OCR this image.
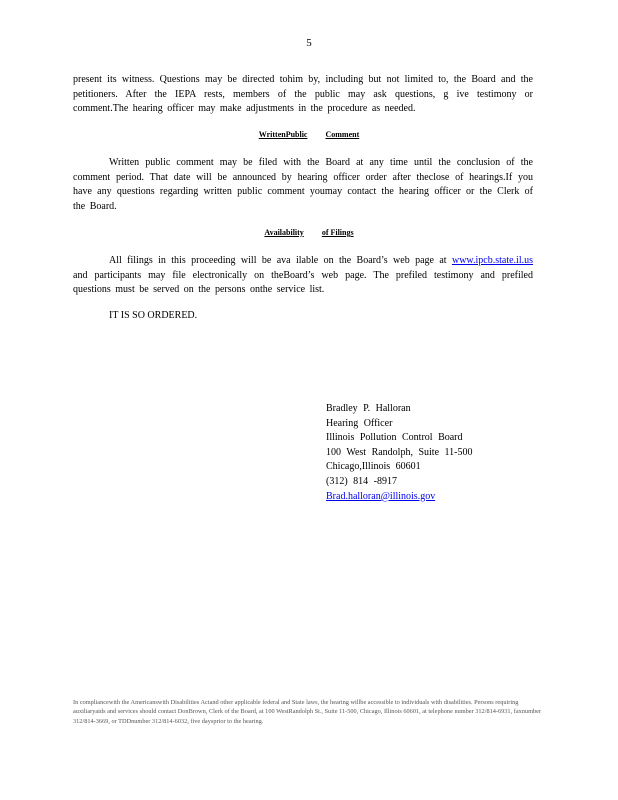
5

present its witness. Questions may be directed tohim by, including but not limited to, the Board and the petitioners. After the IEPA rests, members of the public may ask questions, g ive testimony or comment.The hearing officer may make adjustments in the procedure as needed.

WrittenPublic Comment

Written public comment may be filed with the Board at any time until the conclusion of the comment period. That date will be announced by hearing officer order after theclose of hearings.If you have any questions regarding written public comment youmay contact the hearing officer or the Clerk of the Board.

Availability of Filings

All filings in this proceeding will be ava ilable on the Board’s web page at www.ipcb.state.il.us and participants may file electronically on theBoard’s web page. The prefiled testimony and prefiled questions must be served on the persons onthe service list.

IT IS SO ORDERED.
Bradley P. Halloran
Hearing Officer
Illinois Pollution Control Board
100 West Randolph, Suite 11-500
Chicago,Illinois 60601
(312) 814 -8917
Brad.halloran@illinois.gov
In compliancewith the Americanswith Disabilities Actand other applicable federal and State laws, the hearing willbe accessible to individuals with disabilities. Persons requiring auxiliaryaids and services should contact DonBrown, Clerk of the Board, at 100 WestRandolph St., Suite 11-500, Chicago, Illinois 60601, at telephone number 312/814-6931, faxnumber 312/814-3669, or TDDnumber 312/814-6032, five daysprior to the hearing.
